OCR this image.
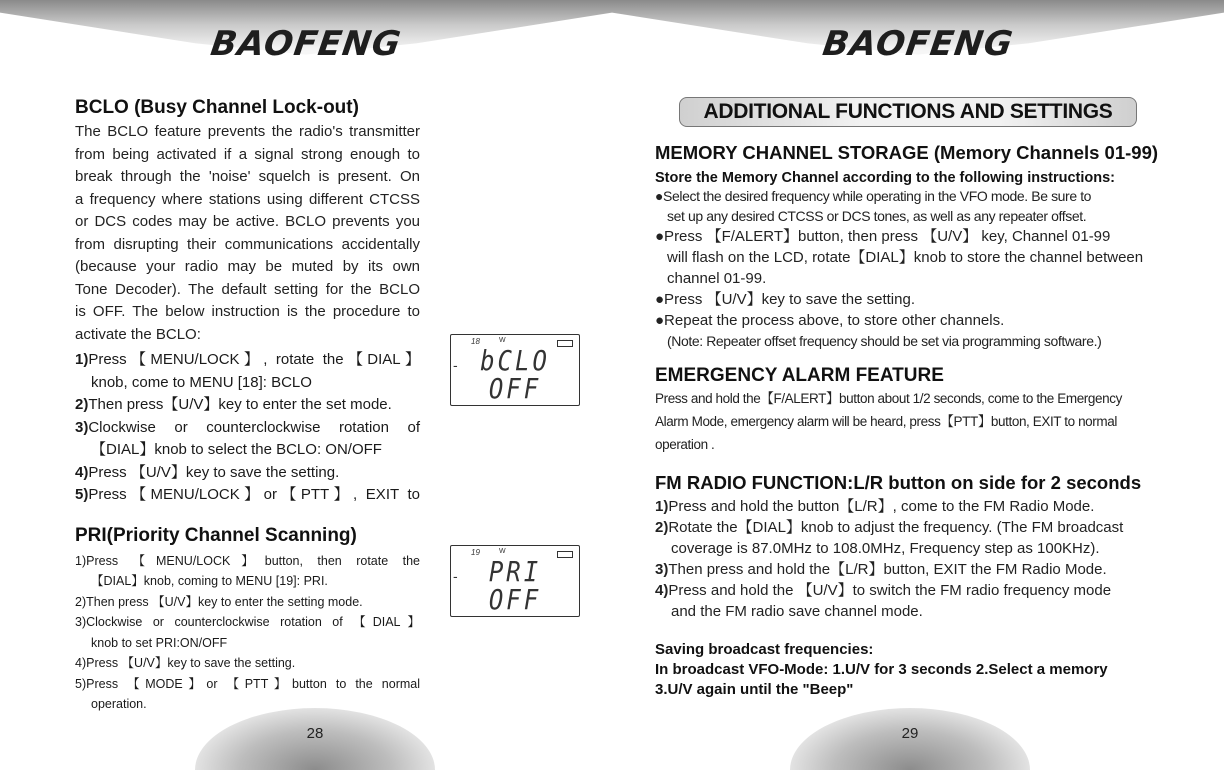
BAOFENG
BCLO (Busy Channel Lock-out)
The BCLO feature prevents the radio's transmitter
from being activated if a signal strong enough to
break through the 'noise' squelch is present. On
a frequency where stations using different CTCSS
or DCS codes may be active. BCLO prevents you
from disrupting their communications accidentally
(because your radio may be muted by its own
Tone Decoder). The default setting for the BCLO
is OFF. The below instruction is the procedure to
activate the BCLO:
1)Press【MENU/LOCK】, rotate the【DIAL】
knob, come to MENU [18]: BCLO
2)Then press【U/V】key to enter the set mode.
3)Clockwise or counterclockwise rotation of
【DIAL】knob to select the BCLO: ON/OFF
4)Press 【U/V】key to save the setting.
5)Press【MENU/LOCK】or【PTT】, EXIT to
PRI(Priority Channel Scanning)
1)Press 【MENU/LOCK】button, then rotate the
【DIAL】knob, coming to MENU [19]: PRI.
2)Then press 【U/V】key to enter the setting mode.
3)Clockwise or counterclockwise rotation of 【DIAL】
knob to set PRI:ON/OFF
4)Press 【U/V】key to save the setting.
5)Press 【MODE】or 【PTT】button to the normal
operation.
18	W
- bCLO
OFF
19	W
-	PRI
OFF
28
BAOFENG
ADDITIONAL FUNCTIONS AND SETTINGS
MEMORY CHANNEL STORAGE (Memory Channels 01-99)
Store the Memory Channel according to the following instructions:
●Select the desired frequency while operating in the VFO mode. Be sure to
set up any desired CTCSS or DCS tones, as well as any repeater offset.
●Press 【F/ALERT】button, then press 【U/V】 key, Channel 01-99
will flash on the LCD, rotate【DIAL】knob to store the channel between
channel 01-99.
●Press 【U/V】key to save the setting.
●Repeat the process above, to store other channels.
(Note: Repeater offset frequency should be set via programming software.)
EMERGENCY ALARM FEATURE
Press and hold the【F/ALERT】button about 1/2 seconds, come to the Emergency
Alarm Mode, emergency alarm will be heard, press【PTT】button, EXIT to normal
operation .
FM RADIO FUNCTION:L/R button on side for 2 seconds
1)Press and hold the button【L/R】, come to the FM Radio Mode.
2)Rotate the【DIAL】knob to adjust the frequency. (The FM broadcast
coverage is 87.0MHz to 108.0MHz, Frequency step as 100KHz).
3)Then press and hold the【L/R】button, EXIT the FM Radio Mode.
4)Press and hold the 【U/V】to switch the FM radio frequency mode
and the FM radio save channel mode.
Saving broadcast frequencies:
In broadcast VFO-Mode: 1.U/V for 3 seconds 2.Select a memory
3.U/V again until the "Beep"
29
